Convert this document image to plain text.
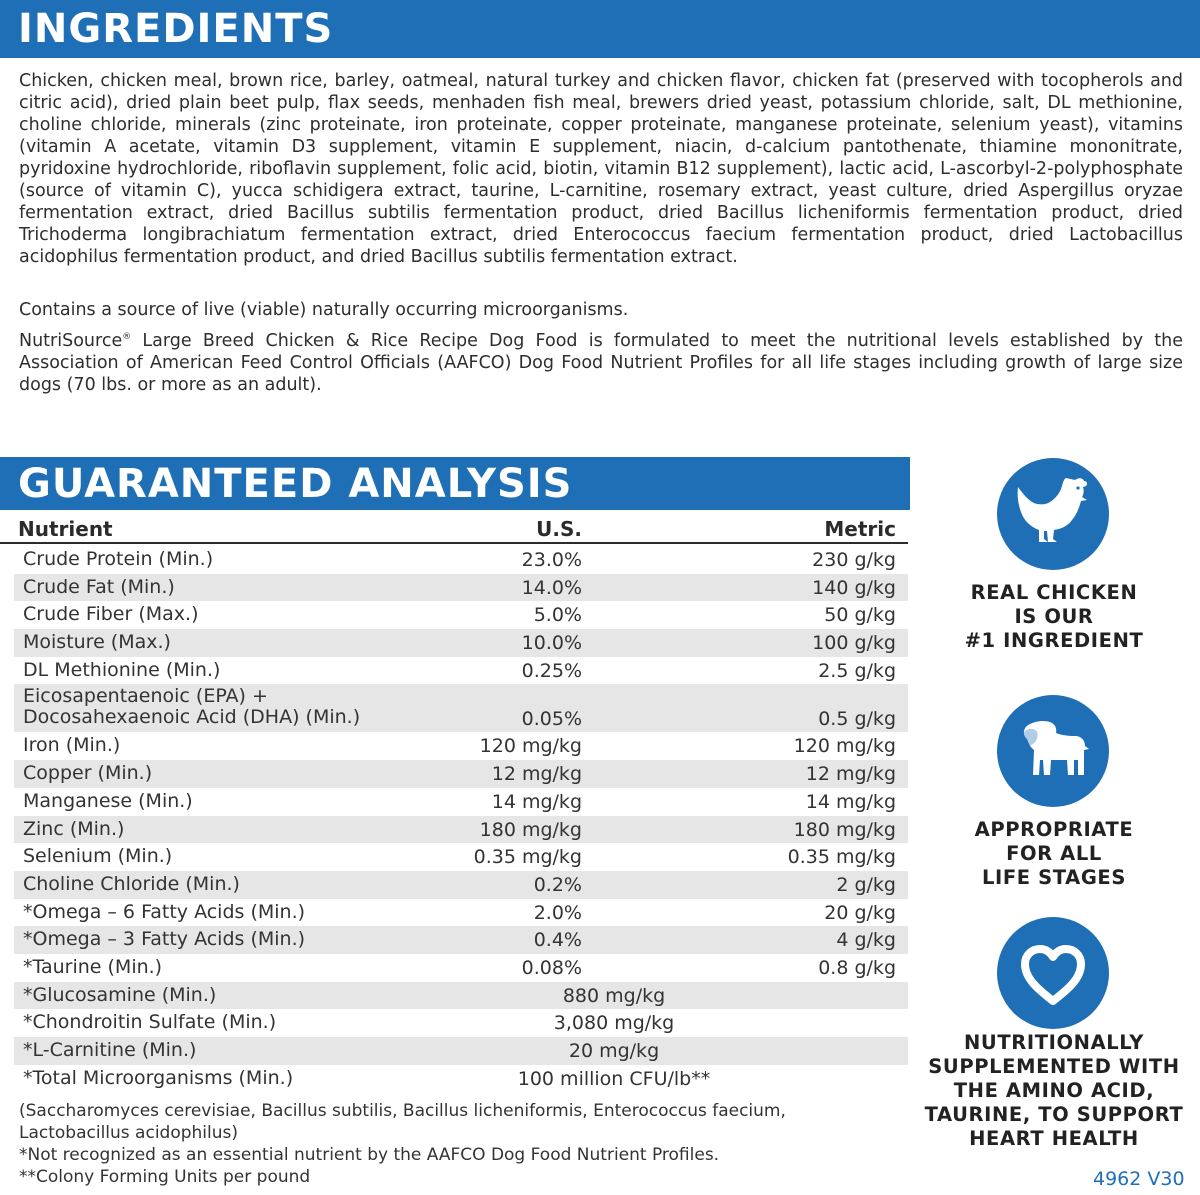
INGREDIENTS

Chicken, chicken meal, brown rice, barley, oatmeal, natural turkey and chicken flavor, chicken fat (preserved with tocopherols and citric acid), dried plain beet pulp, flax seeds, menhaden fish meal, brewers dried yeast, potassium chloride, salt, DL methionine, choline chloride, minerals (zinc proteinate, iron proteinate, copper proteinate, manganese proteinate, selenium yeast), vitamins (vitamin A acetate, vitamin D3 supplement, vitamin E supplement, niacin, d-calcium pantothenate, thiamine mononitrate, pyridoxine hydrochloride, riboflavin supplement, folic acid, biotin, vitamin B12 supplement), lactic acid, L-ascorbyl-2-polyphosphate (source of vitamin C), yucca schidigera extract, taurine, L-carnitine, rosemary extract, yeast culture, dried Aspergillus oryzae fermentation extract, dried Bacillus subtilis fermentation product, dried Bacillus licheniformis fermentation product, dried Trichoderma longibrachiatum fermentation extract, dried Enterococcus faecium fermentation product, dried Lactobacillus acidophilus fermentation product, and dried Bacillus subtilis fermentation extract.

Contains a source of live (viable) naturally occurring microorganisms.

NutriSource® Large Breed Chicken & Rice Recipe Dog Food is formulated to meet the nutritional levels established by the Association of American Feed Control Officials (AAFCO) Dog Food Nutrient Profiles for all life stages including growth of large size dogs (70 lbs. or more as an adult).

GUARANTEED ANALYSIS
Nutrient	U.S.	Metric
Crude Protein (Min.)	23.0%	230 g/kg
Crude Fat (Min.)	14.0%	140 g/kg
Crude Fiber (Max.)	5.0%	50 g/kg
Moisture (Max.)	10.0%	100 g/kg
DL Methionine (Min.)	0.25%	2.5 g/kg
Eicosapentaenoic (EPA) +
Docosahexaenoic Acid (DHA) (Min.)	0.05%	0.5 g/kg
Iron (Min.)	120 mg/kg	120 mg/kg
Copper (Min.)	12 mg/kg	12 mg/kg
Manganese (Min.)	14 mg/kg	14 mg/kg
Zinc (Min.)	180 mg/kg	180 mg/kg
Selenium (Min.)	0.35 mg/kg	0.35 mg/kg
Choline Chloride (Min.)	0.2%	2 g/kg
*Omega – 6 Fatty Acids (Min.)	2.0%	20 g/kg
*Omega – 3 Fatty Acids (Min.)	0.4%	4 g/kg
*Taurine (Min.)	0.08%	0.8 g/kg
*Glucosamine (Min.)	880 mg/kg
*Chondroitin Sulfate (Min.)	3,080 mg/kg
*L-Carnitine (Min.)	20 mg/kg
*Total Microorganisms (Min.)	100 million CFU/lb**

(Saccharomyces cerevisiae, Bacillus subtilis, Bacillus licheniformis, Enterococcus faecium, Lactobacillus acidophilus)

*Not recognized as an essential nutrient by the AAFCO Dog Food Nutrient Profiles.

**Colony Forming Units per pound

REAL CHICKEN
IS OUR
#1 INGREDIENT
APPROPRIATE
FOR ALL
LIFE STAGES
NUTRITIONALLY
SUPPLEMENTED WITH
THE AMINO ACID,
TAURINE, TO SUPPORT
HEART HEALTH
4962 V30
